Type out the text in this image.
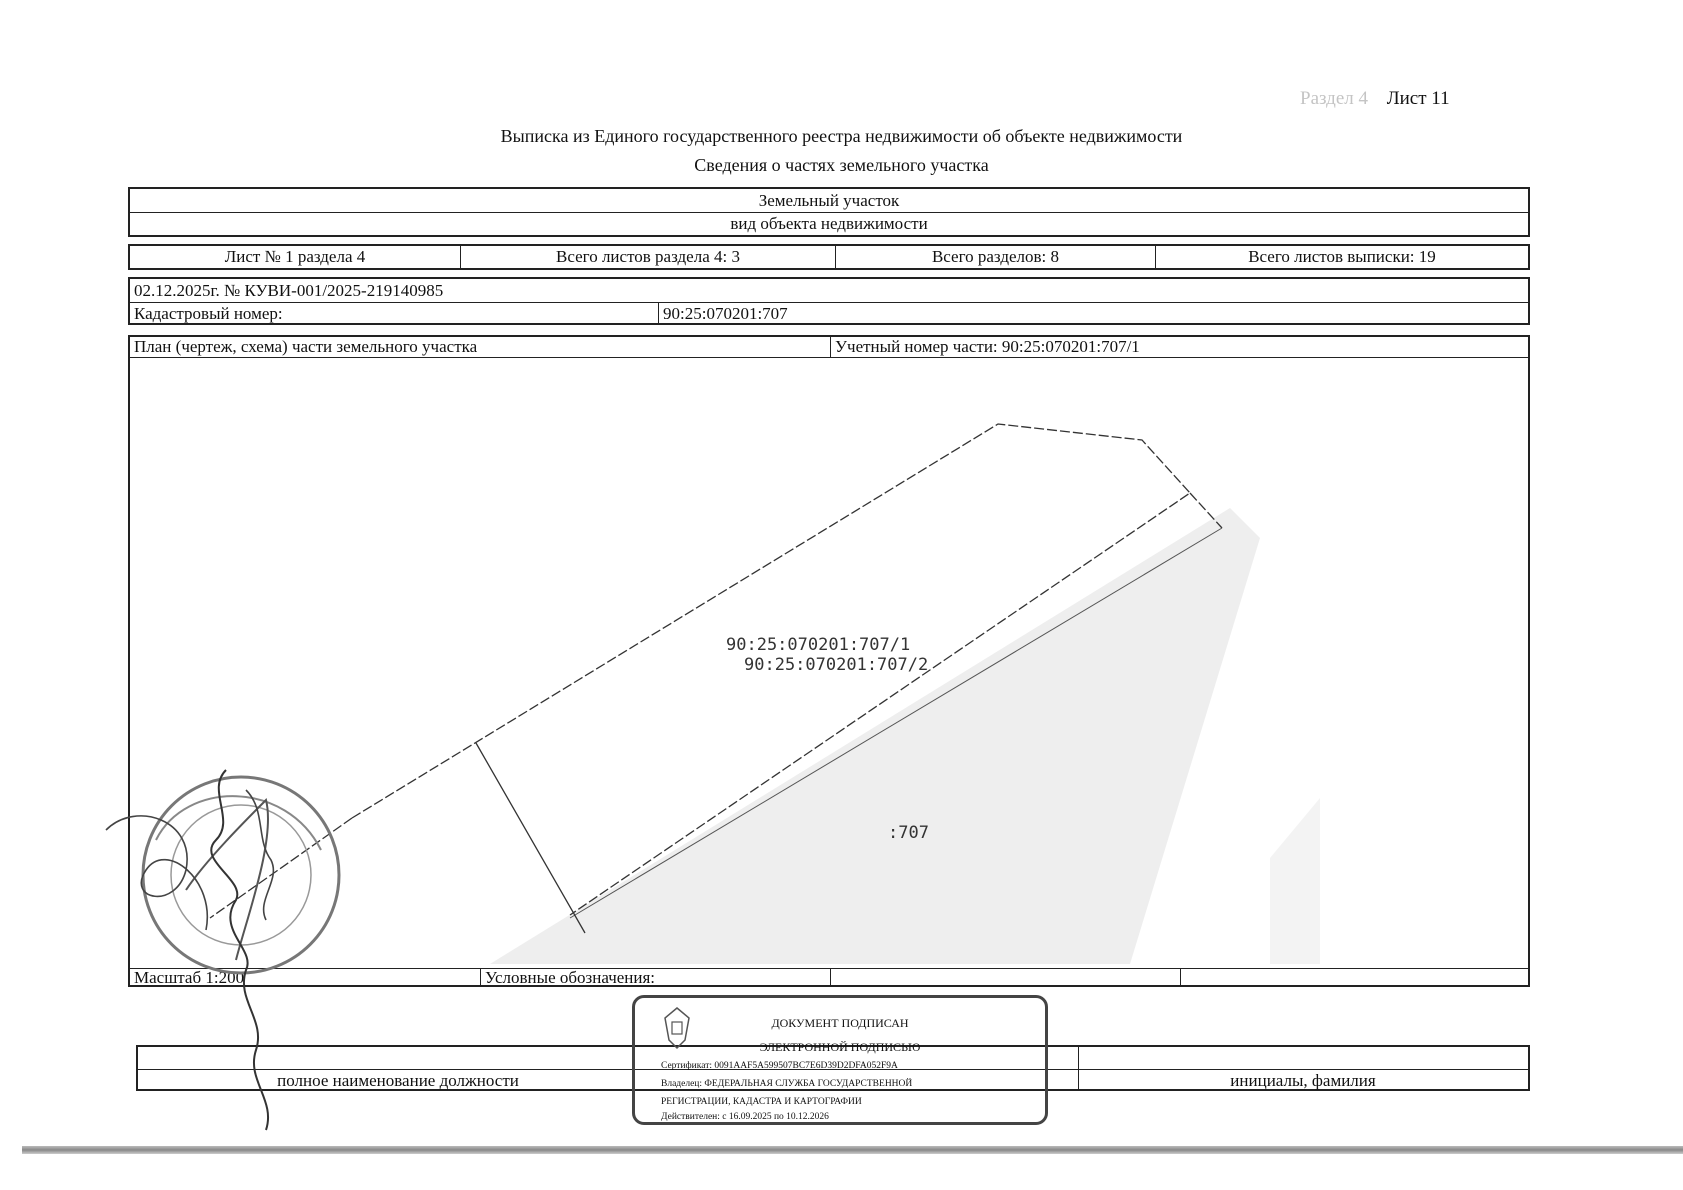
Раздел 4 Лист 11
Выписка из Единого государственного реестра недвижимости об объекте недвижимости
Сведения о частях земельного участка
Земельный участок
вид объекта недвижимости
Лист № 1 раздела 4	Всего листов раздела 4: 3	Всего разделов: 8	Всего листов выписки: 19
02.12.2025г. № КУВИ-001/2025-219140985
Кадастровый номер:	90:25:070201:707
План (чертеж, схема) части земельного участка	Учетный номер части: 90:25:070201:707/1
90:25:070201:707/1
90:25:070201:707/2
:707
Масштаб 1:200	Условные обозначения:
полное наименование должности	инициалы, фамилия
ДОКУМЕНТ ПОДПИСАН
ЭЛЕКТРОННОЙ ПОДПИСЬЮ
Сертификат: 0091AAF5A599507BC7E6D39D2DFA052F9A
Владелец: ФЕДЕРАЛЬНАЯ СЛУЖБА ГОСУДАРСТВЕННОЙ
РЕГИСТРАЦИИ, КАДАСТРА И КАРТОГРАФИИ
Действителен: с 16.09.2025 по 10.12.2026
